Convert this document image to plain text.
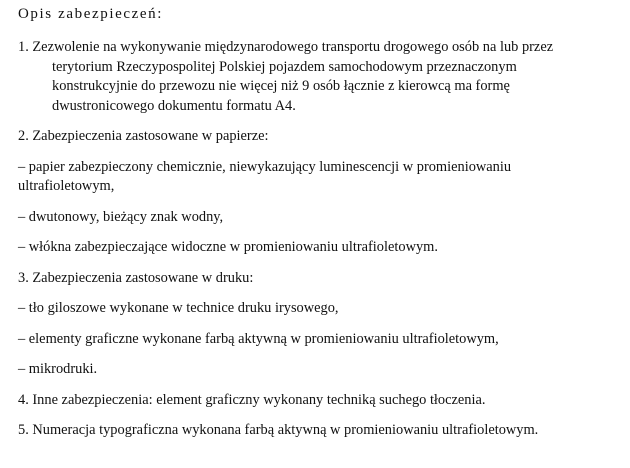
Opis zabezpieczeń:
1. Zezwolenie na wykonywanie międzynarodowego transportu drogowego osób na lub przez
terytorium Rzeczypospolitej Polskiej pojazdem samochodowym przeznaczonym
konstrukcyjnie do przewozu nie więcej niż 9 osób łącznie z kierowcą ma formę
dwustronicowego dokumentu formatu A4.
2. Zabezpieczenia zastosowane w papierze:
– papier zabezpieczony chemicznie, niewykazujący luminescencji w promieniowaniu
ultrafioletowym,
– dwutonowy, bieżący znak wodny,
– włókna zabezpieczające widoczne w promieniowaniu ultrafioletowym.
3. Zabezpieczenia zastosowane w druku:
– tło giloszowe wykonane w technice druku irysowego,
– elementy graficzne wykonane farbą aktywną w promieniowaniu ultrafioletowym,
– mikrodruki.
4. Inne zabezpieczenia: element graficzny wykonany techniką suchego tłoczenia.
5. Numeracja typograficzna wykonana farbą aktywną w promieniowaniu ultrafioletowym.
